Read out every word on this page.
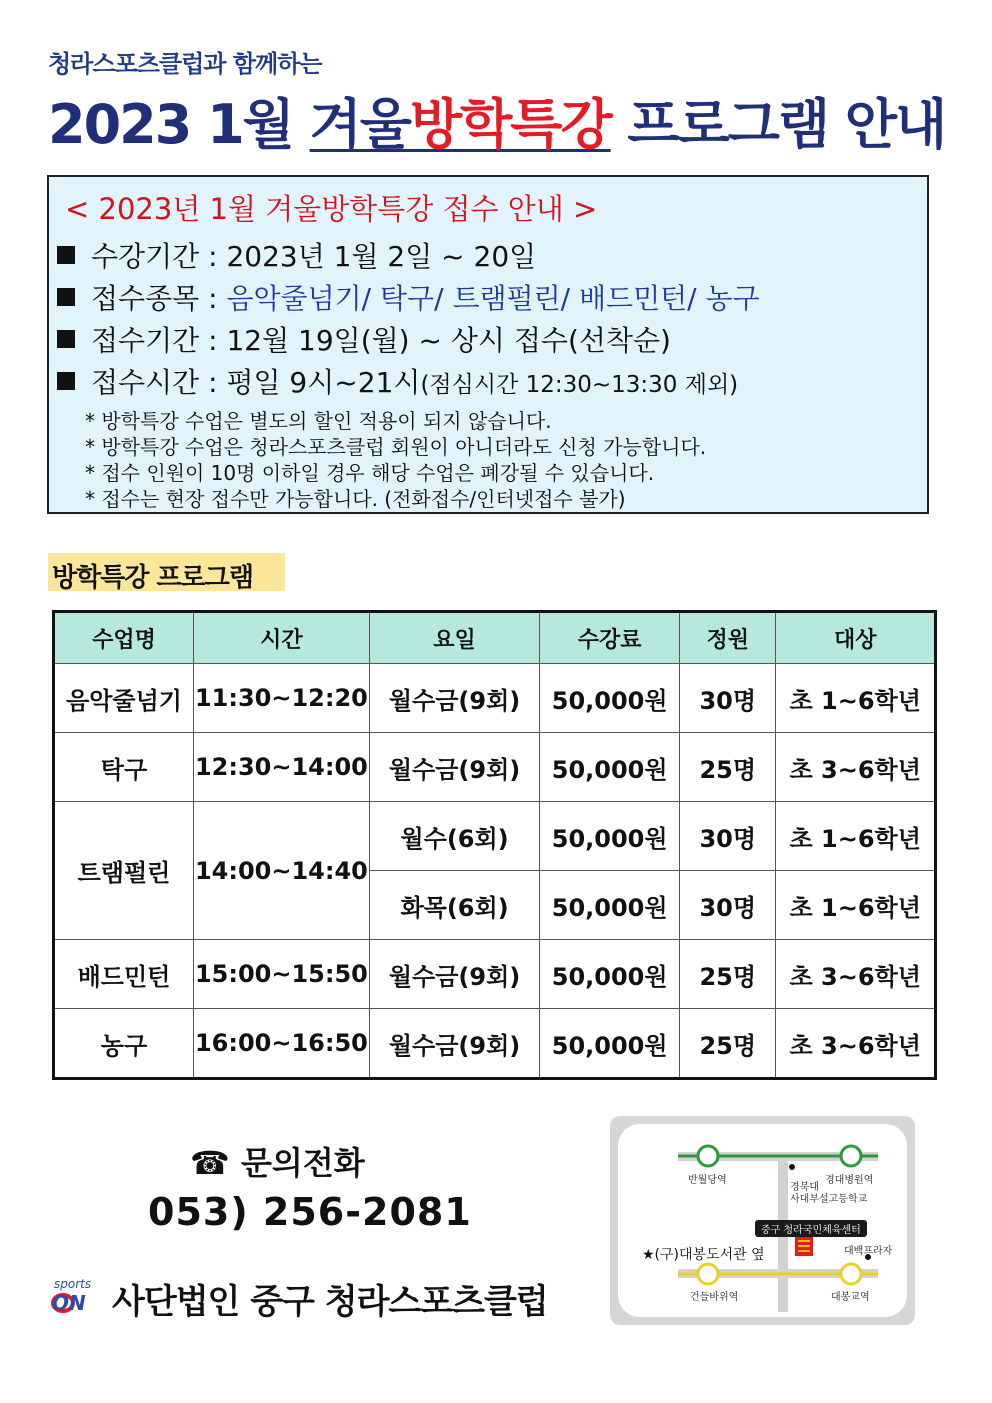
청라스포츠클럽과 함께하는
2023 1월 겨울방학특강 프로그램 안내
< 2023년 1월 겨울방학특강 접수 안내 >
수강기간 : 2023년 1월 2일 ~ 20일
접수종목 : 음악줄넘기/ 탁구/ 트램펄린/ 배드민턴/ 농구
접수기간 : 12월 19일(월) ~ 상시 접수(선착순)
접수시간 : 평일 9시~21시(점심시간 12:30~13:30 제외)
* 방학특강 수업은 별도의 할인 적용이 되지 않습니다.
* 방학특강 수업은 청라스포츠클럽 회원이 아니더라도 신청 가능합니다.
* 접수 인원이 10명 이하일 경우 해당 수업은 폐강될 수 있습니다.
* 접수는 현장 접수만 가능합니다. (전화접수/인터넷접수 불가)
방학특강 프로그램
수업명	시간	요일	수강료	정원	대상
음악줄넘기	11:30~12:20	월수금(9회)	50,000원	30명	초 1~6학년
탁구	12:30~14:00	월수금(9회)	50,000원	25명	초 3~6학년
트램펄린	14:00~14:40	월수(6회)	50,000원	30명	초 1~6학년
		화목(6회)	50,000원	30명	초 1~6학년
배드민턴	15:00~15:50	월수금(9회)	50,000원	25명	초 3~6학년
농구	16:00~16:50	월수금(9회)	50,000원	25명	초 3~6학년
☎ 문의전화
053) 256-2081
sports
ON 사단법인 중구 청라스포츠클럽
반월당역	경대병원역
건들바위역	대봉교역
경북대
사대부설고등학교
중구 청라국민체육센터
★(구)대봉도서관 옆	대백프라자
